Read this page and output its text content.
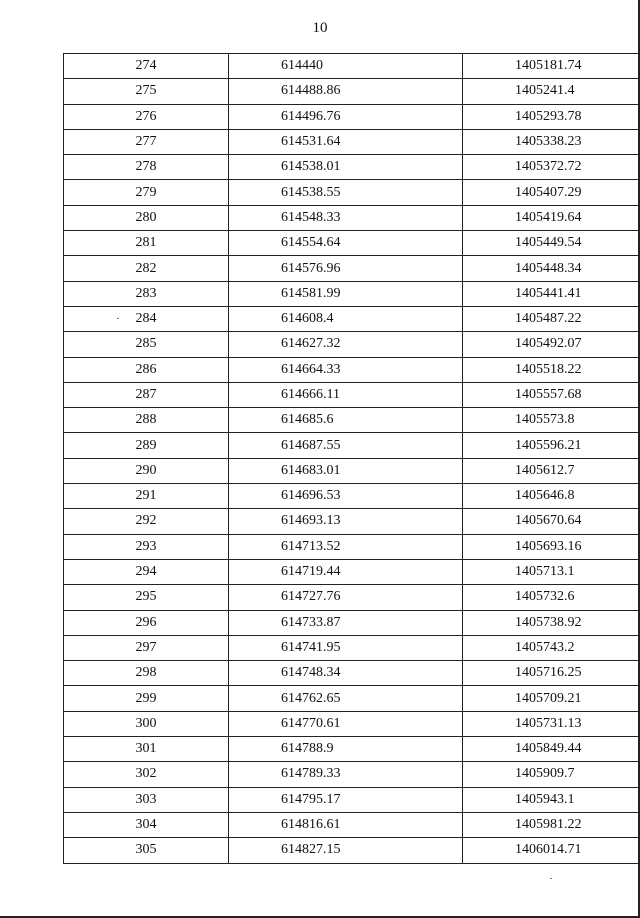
10
274	614440	1405181.74
275	614488.86	1405241.4
276	614496.76	1405293.78
277	614531.64	1405338.23
278	614538.01	1405372.72
279	614538.55	1405407.29
280	614548.33	1405419.64
281	614554.64	1405449.54
282	614576.96	1405448.34
283	614581.99	1405441.41
284	614608.4	1405487.22
285	614627.32	1405492.07
286	614664.33	1405518.22
287	614666.11	1405557.68
288	614685.6	1405573.8
289	614687.55	1405596.21
290	614683.01	1405612.7
291	614696.53	1405646.8
292	614693.13	1405670.64
293	614713.52	1405693.16
294	614719.44	1405713.1
295	614727.76	1405732.6
296	614733.87	1405738.92
297	614741.95	1405743.2
298	614748.34	1405716.25
299	614762.65	1405709.21
300	614770.61	1405731.13
301	614788.9	1405849.44
302	614789.33	1405909.7
303	614795.17	1405943.1
304	614816.61	1405981.22
305	614827.15	1406014.71
